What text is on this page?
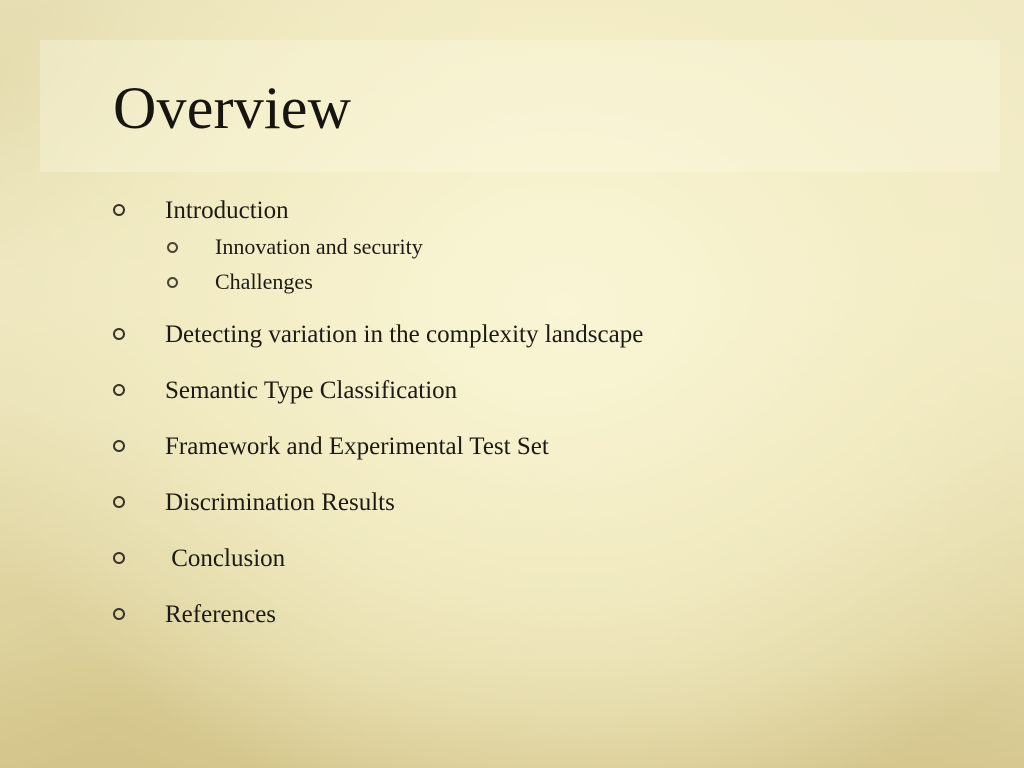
Overview
Introduction
Innovation and security
Challenges
Detecting variation in the complexity landscape
Semantic Type Classification
Framework and Experimental Test Set
Discrimination Results
Conclusion
References
